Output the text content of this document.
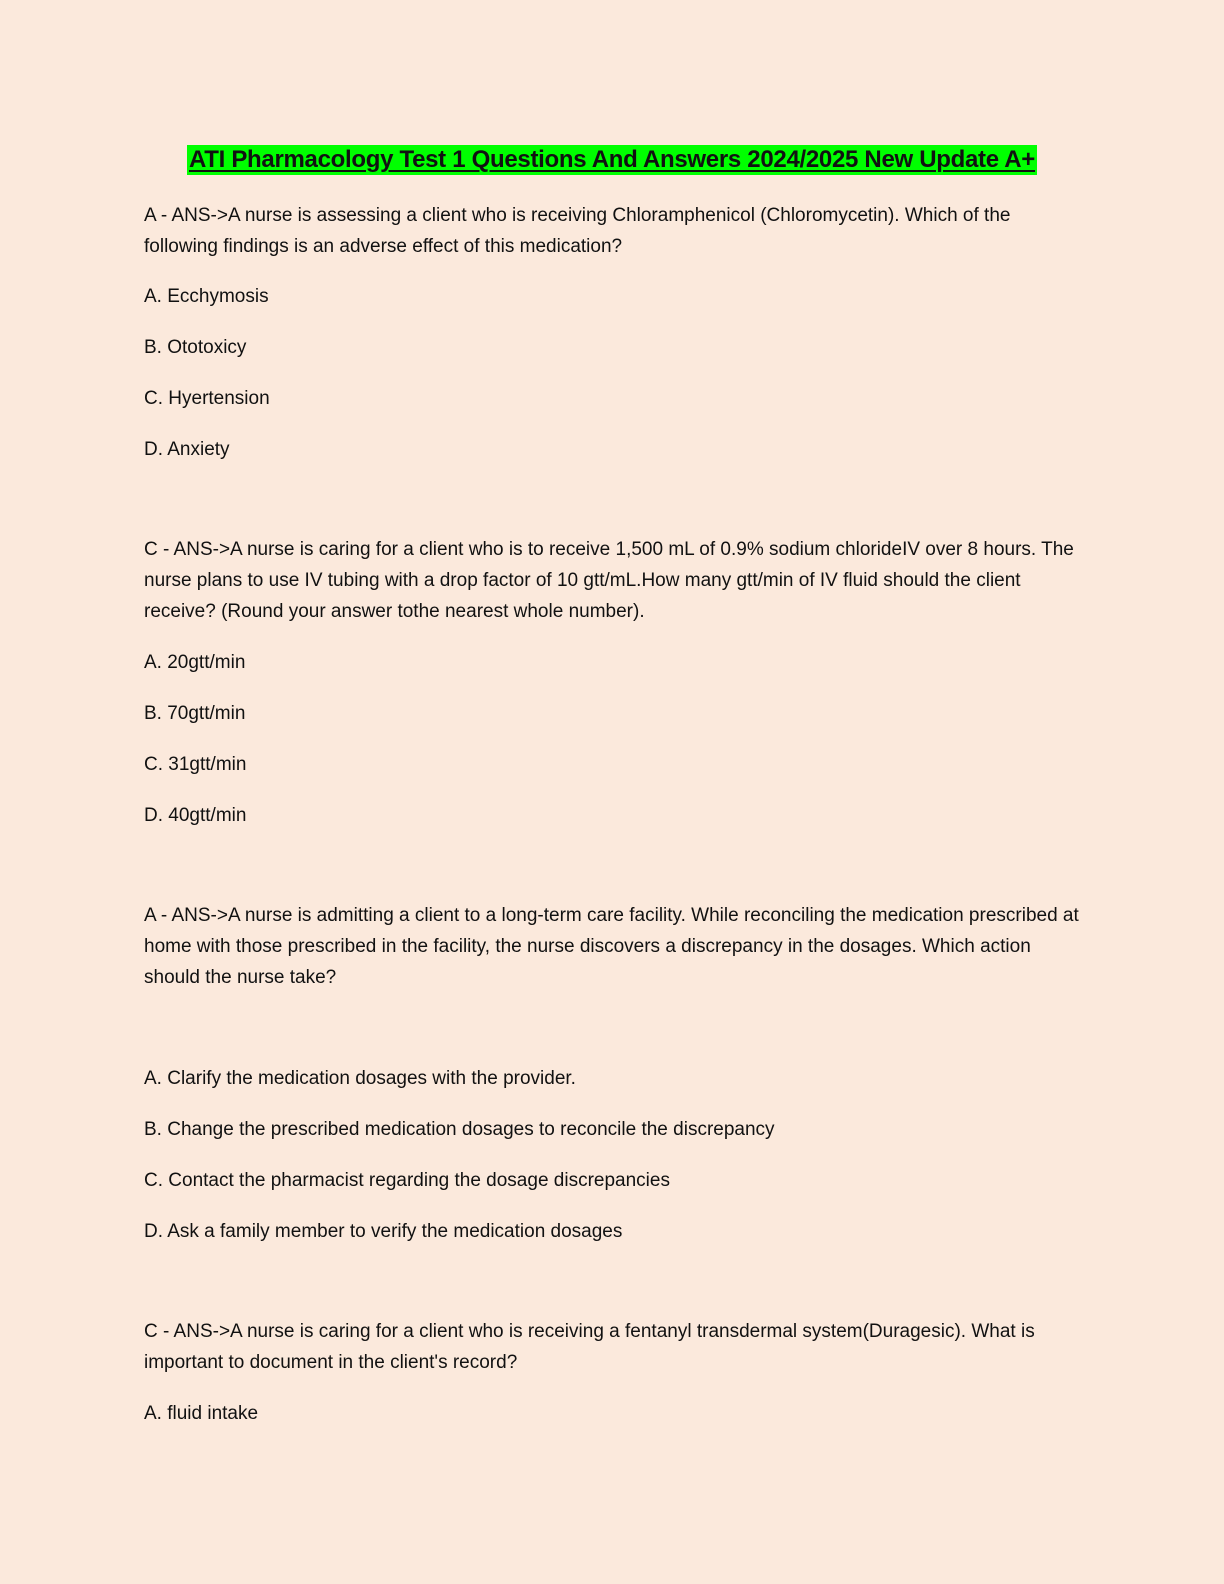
ATI Pharmacology Test 1 Questions And Answers 2024/2025 New Update A+

A - ANS->A nurse is assessing a client who is receiving Chloramphenicol (Chloromycetin). Which of the following findings is an adverse effect of this medication?

A. Ecchymosis
B. Ototoxicy
C. Hyertension
D. Anxiety

C - ANS->A nurse is caring for a client who is to receive 1,500 mL of 0.9% sodium chlorideIV over 8 hours. The nurse plans to use IV tubing with a drop factor of 10 gtt/mL.How many gtt/min of IV fluid should the client receive? (Round your answer tothe nearest whole number).

A. 20gtt/min
B. 70gtt/min
C. 31gtt/min
D. 40gtt/min

A - ANS->A nurse is admitting a client to a long-term care facility. While reconciling the medication prescribed at home with those prescribed in the facility, the nurse discovers a discrepancy in the dosages. Which action should the nurse take?

A. Clarify the medication dosages with the provider.
B. Change the prescribed medication dosages to reconcile the discrepancy
C. Contact the pharmacist regarding the dosage discrepancies
D. Ask a family member to verify the medication dosages

C - ANS->A nurse is caring for a client who is receiving a fentanyl transdermal system(Duragesic). What is important to document in the client's record?

A. fluid intake
